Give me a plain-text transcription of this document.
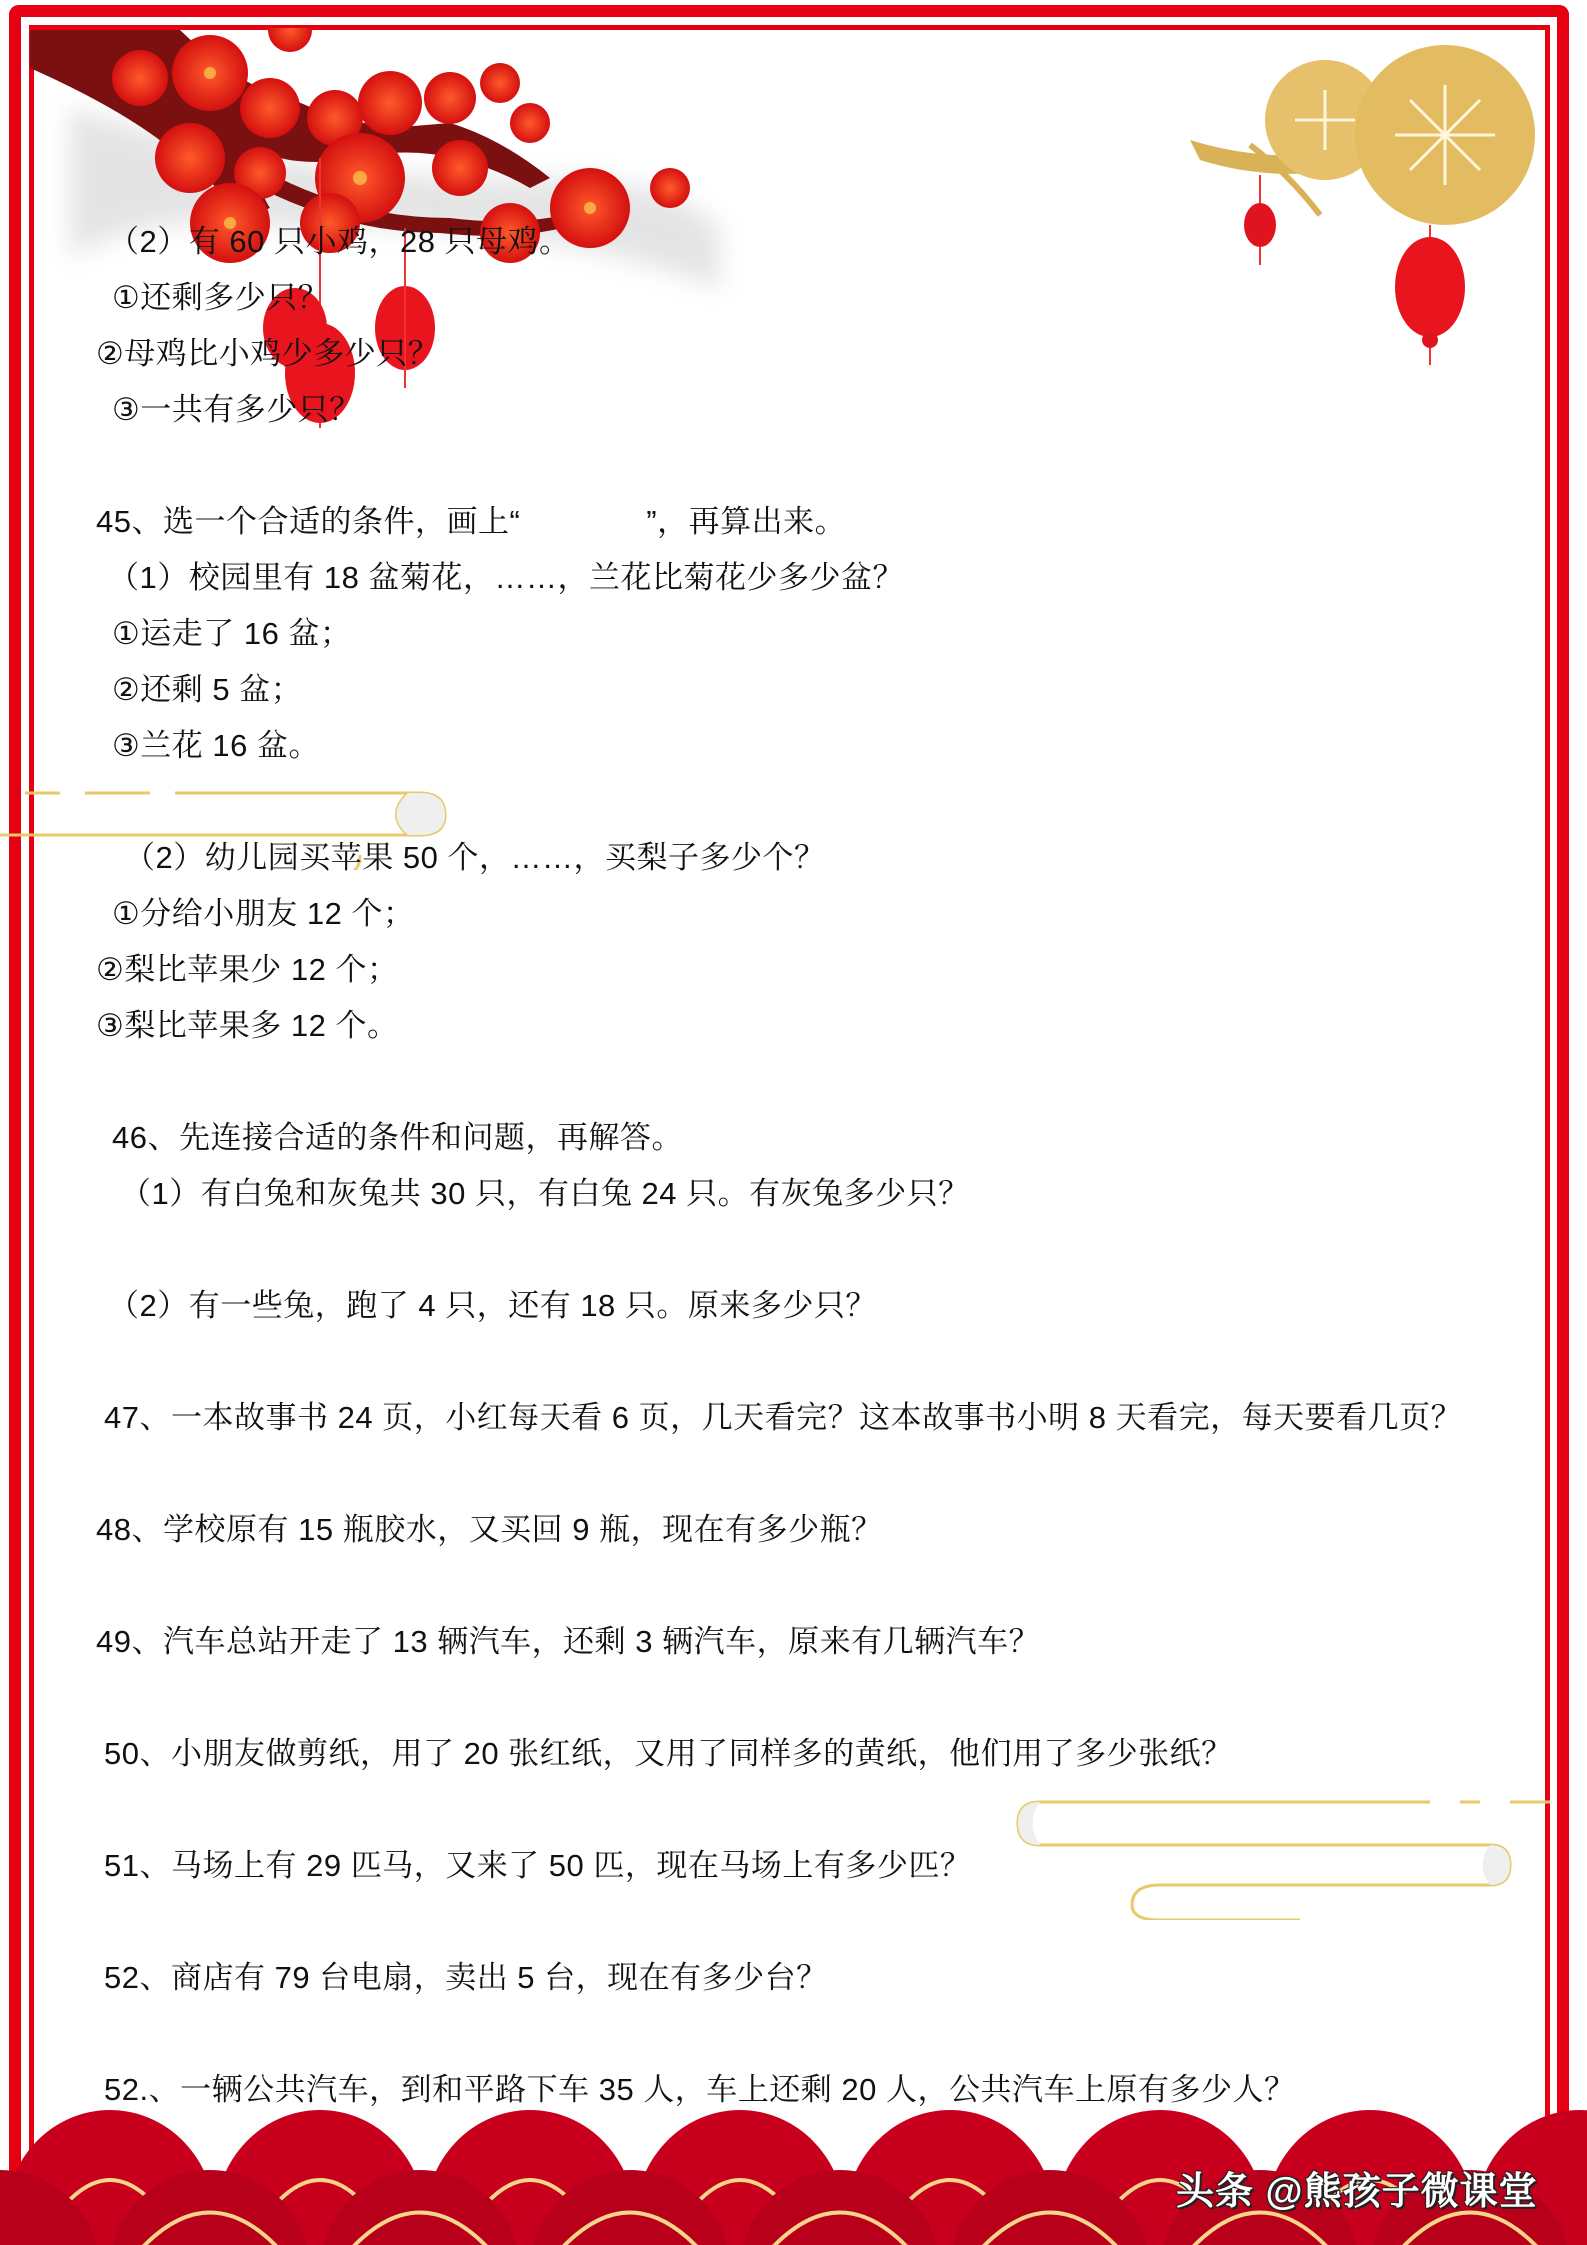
（2）有 60 只小鸡，28 只母鸡。
①还剩多少只？
②母鸡比小鸡少多少只？
③一共有多少只？
45、选一个合适的条件，画上“　　　　”，再算出来。
（1）校园里有 18 盆菊花，……，兰花比菊花少多少盆？
①运走了 16 盆；
②还剩 5 盆；
③兰花 16 盆。
（2）幼儿园买苹果 50 个，……，买梨子多少个？
①分给小朋友 12 个；
②梨比苹果少 12 个；
③梨比苹果多 12 个。
46、先连接合适的条件和问题，再解答。
（1）有白兔和灰兔共 30 只，有白兔 24 只。有灰兔多少只？
（2）有一些兔，跑了 4 只，还有 18 只。原来多少只？
47、一本故事书 24 页，小红每天看 6 页，几天看完？这本故事书小明 8 天看完，每天要看几页？
48、学校原有 15 瓶胶水，又买回 9 瓶，现在有多少瓶？
49、汽车总站开走了 13 辆汽车，还剩 3 辆汽车，原来有几辆汽车？
50、小朋友做剪纸，用了 20 张红纸，又用了同样多的黄纸，他们用了多少张纸？
51、马场上有 29 匹马，又来了 50 匹，现在马场上有多少匹？
52、商店有 79 台电扇，卖出 5 台，现在有多少台？
52.、一辆公共汽车，到和平路下车 35 人，车上还剩 20 人，公共汽车上原有多少人？
头条 @熊孩子微课堂
